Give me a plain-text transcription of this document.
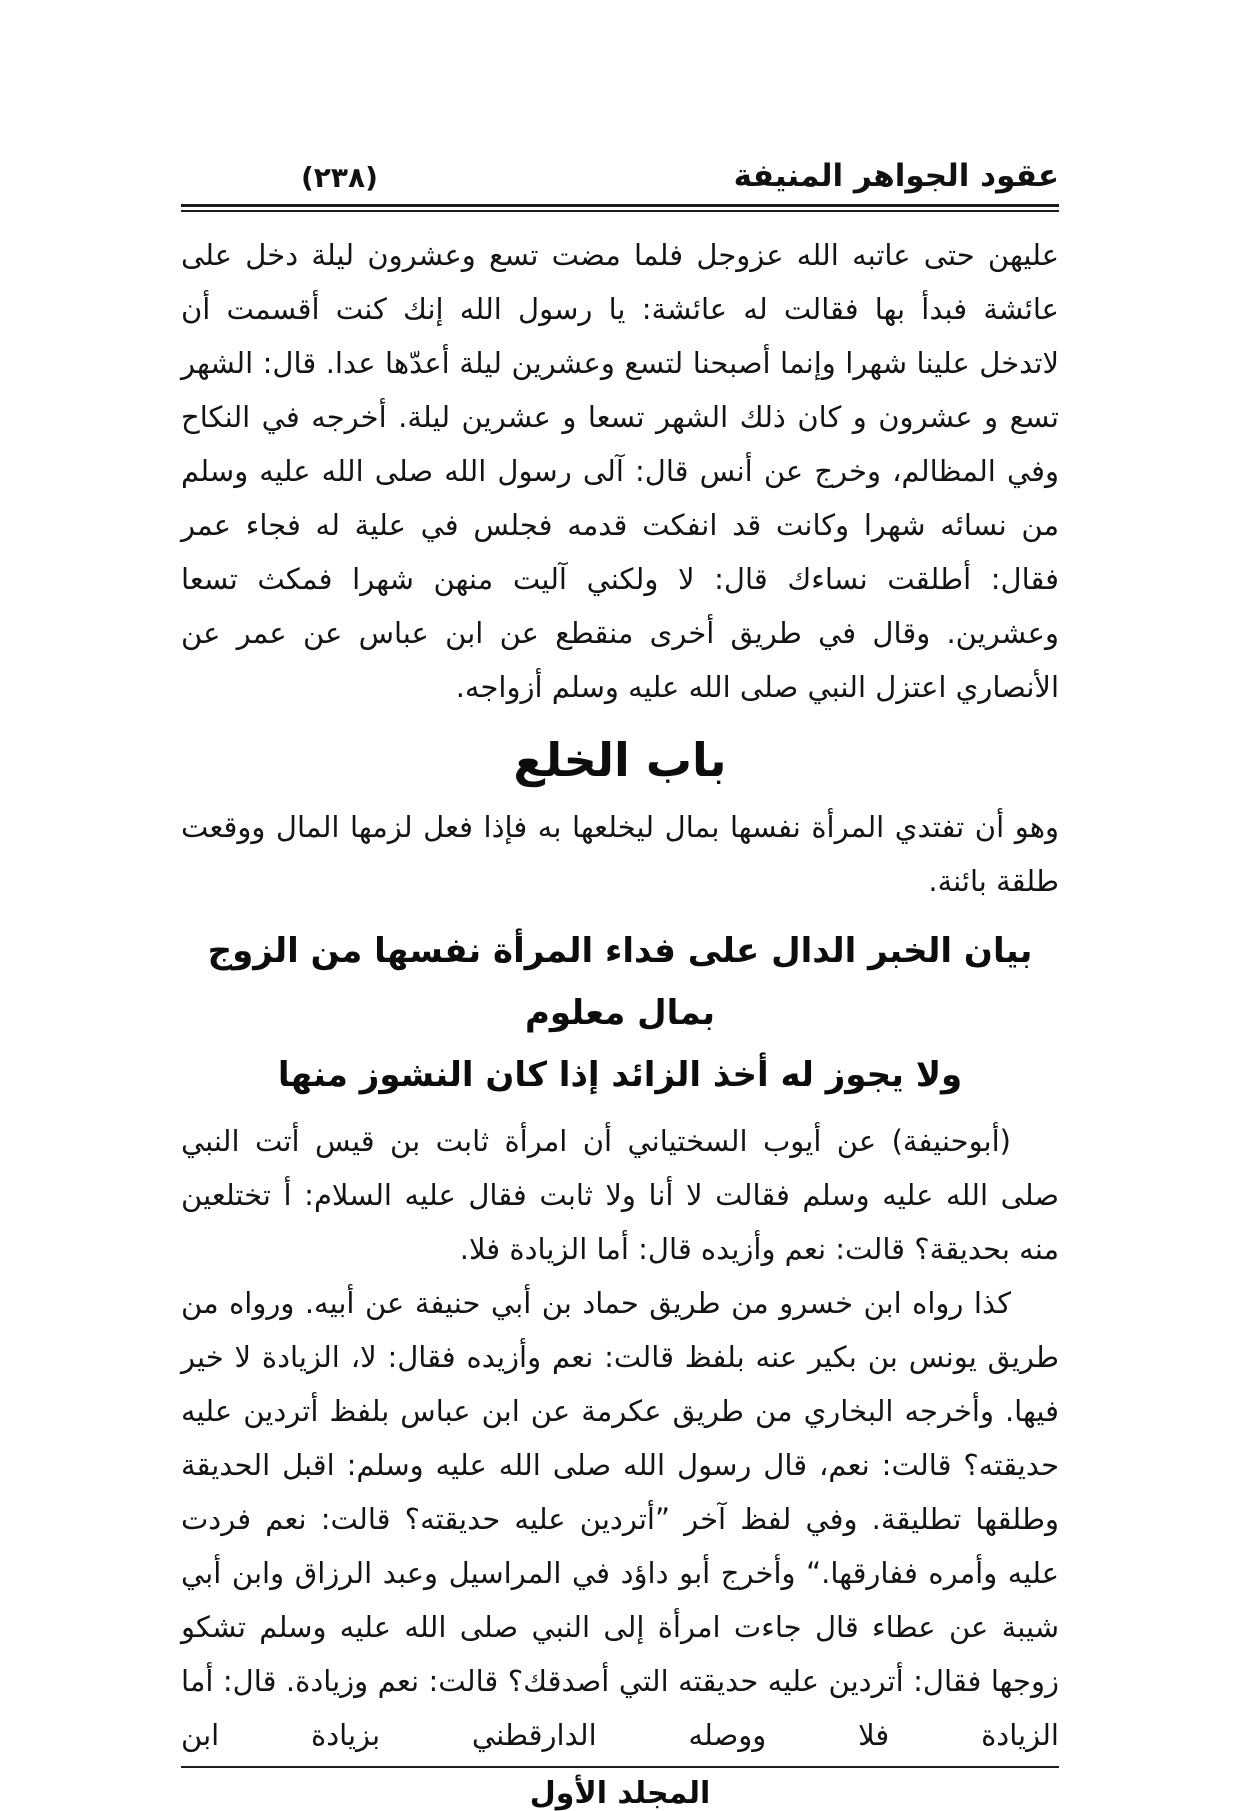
عقود الجواهر المنيفة
(٢٣٨)

عليهن حتى عاتبه الله عزوجل فلما مضت تسع وعشرون ليلة دخل على عائشة فبدأ بها فقالت له عائشة: يا رسول الله إنك كنت أقسمت أن لاتدخل علينا شهرا وإنما أصبحنا لتسع وعشرين ليلة أعدّها عدا. قال: الشهر تسع و عشرون و كان ذلك الشهر تسعا و عشرين ليلة. أخرجه في النكاح وفي المظالم، وخرج عن أنس قال: آلى رسول الله صلى الله عليه وسلم من نسائه شهرا وكانت قد انفكت قدمه فجلس في علية له فجاء عمر فقال: أطلقت نساءك قال: لا ولكني آليت منهن شهرا فمكث تسعا وعشرين. وقال في طريق أخرى منقطع عن ابن عباس عن عمر عن الأنصاري اعتزل النبي صلى الله عليه وسلم أزواجه.

باب الخلع

وهو أن تفتدي المرأة نفسها بمال ليخلعها به فإذا فعل لزمها المال ووقعت طلقة بائنة.

بيان الخبر الدال على فداء المرأة نفسها من الزوج بمال معلوم
ولا يجوز له أخذ الزائد إذا كان النشوز منها

(أبوحنيفة) عن أيوب السختياني أن امرأة ثابت بن قيس أتت النبي صلى الله عليه وسلم فقالت لا أنا ولا ثابت فقال عليه السلام: أ تختلعين منه بحديقة؟ قالت: نعم وأزيده قال: أما الزيادة فلا.

كذا رواه ابن خسرو من طريق حماد بن أبي حنيفة عن أبيه. ورواه من طريق يونس بن بكير عنه بلفظ قالت: نعم وأزيده فقال: لا، الزيادة لا خير فيها. وأخرجه البخاري من طريق عكرمة عن ابن عباس بلفظ أتردين عليه حديقته؟ قالت: نعم، قال رسول الله صلى الله عليه وسلم: اقبل الحديقة وطلقها تطليقة. وفي لفظ آخر ”أتردين عليه حديقته؟ قالت: نعم فردت عليه وأمره ففارقها.“ وأخرج أبو داؤد في المراسيل وعبد الرزاق وابن أبي شيبة عن عطاء قال جاءت امرأة إلى النبي صلى الله عليه وسلم تشكو زوجها فقال: أتردين عليه حديقته التي أصدقك؟ قالت: نعم وزيادة. قال: أما الزيادة فلا ووصله الدارقطني بزيادة ابن

المجلد الأول
